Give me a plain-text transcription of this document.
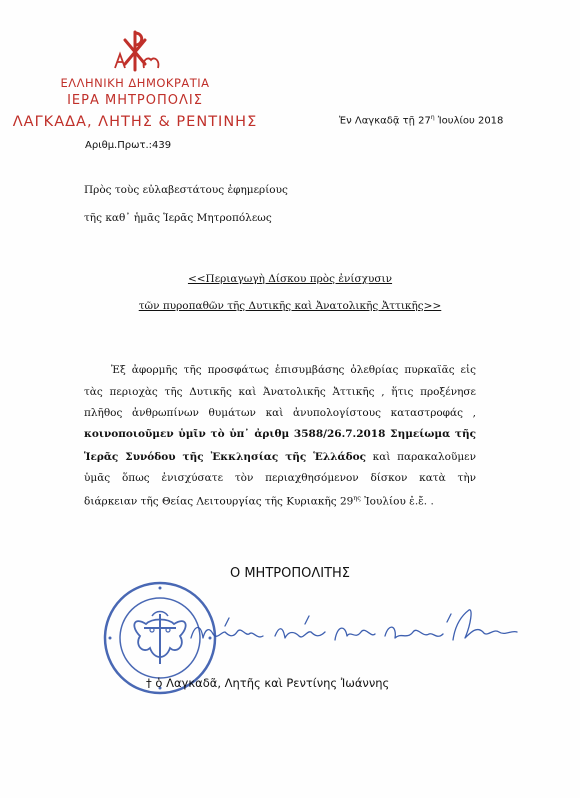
ΕΛΛΗΝΙΚΗ ΔΗΜΟΚΡΑΤΙΑ
ΙΕΡΑ ΜΗΤΡΟΠΟΛΙΣ
ΛΑΓΚΑΔΑ, ΛΗΤΗΣ & ΡΕΝΤΙΝΗΣ
Αριθμ.Πρωτ.:439
Ἐν Λαγκαδᾷ τῇ $27^\eta$ Ἰουλίου 2018
Πρὸς τοὺς εὐλαβεστάτους ἐφημερίους
τῆς καθ᾽ ἡμᾶς Ἱερᾶς Μητροπόλεως
<<Περιαγωγὴ Δίσκου πρὸς ἐνίσχυσιν
τῶν πυροπαθῶν τῆς Δυτικῆς καὶ Ἀνατολικῆς Ἀττικῆς>>
Ἐξ ἀφορμῆς τῆς προσφάτως ἐπισυμβάσης ὀλεθρίας πυρκαϊᾶς εἰς
τὰς περιοχὰς τῆς Δυτικῆς καὶ Ἀνατολικῆς Ἀττικῆς , ἥτις προξένησε
πλῆθος ἀνθρωπίνων θυμάτων καὶ ἀνυπολογίστους καταστροφάς ,
κοινοποιοῦμεν ὑμῖν τὸ ὑπ᾽ ἀριθμ 3588/26.7.2018 Σημείωμα τῆς
Ἱερᾶς Συνόδου τῆς Ἐκκλησίας τῆς Ἑλλάδος καὶ παρακαλοῦμεν
ὑμᾶς ὅπως ἐνισχύσατε τὸν περιαχθησόμενον δίσκον κατὰ τὴν
διάρκειαν τῆς Θείας Λειτουργίας τῆς Κυριακῆς $29^{\eta\varsigma}$ Ἰουλίου ἐ.ἔ. .
Ο ΜΗΤΡΟΠΟΛΙΤΗΣ
† ὁ Λαγκαδᾶ, Λητῆς καὶ Ρεντίνης Ἰωάννης
